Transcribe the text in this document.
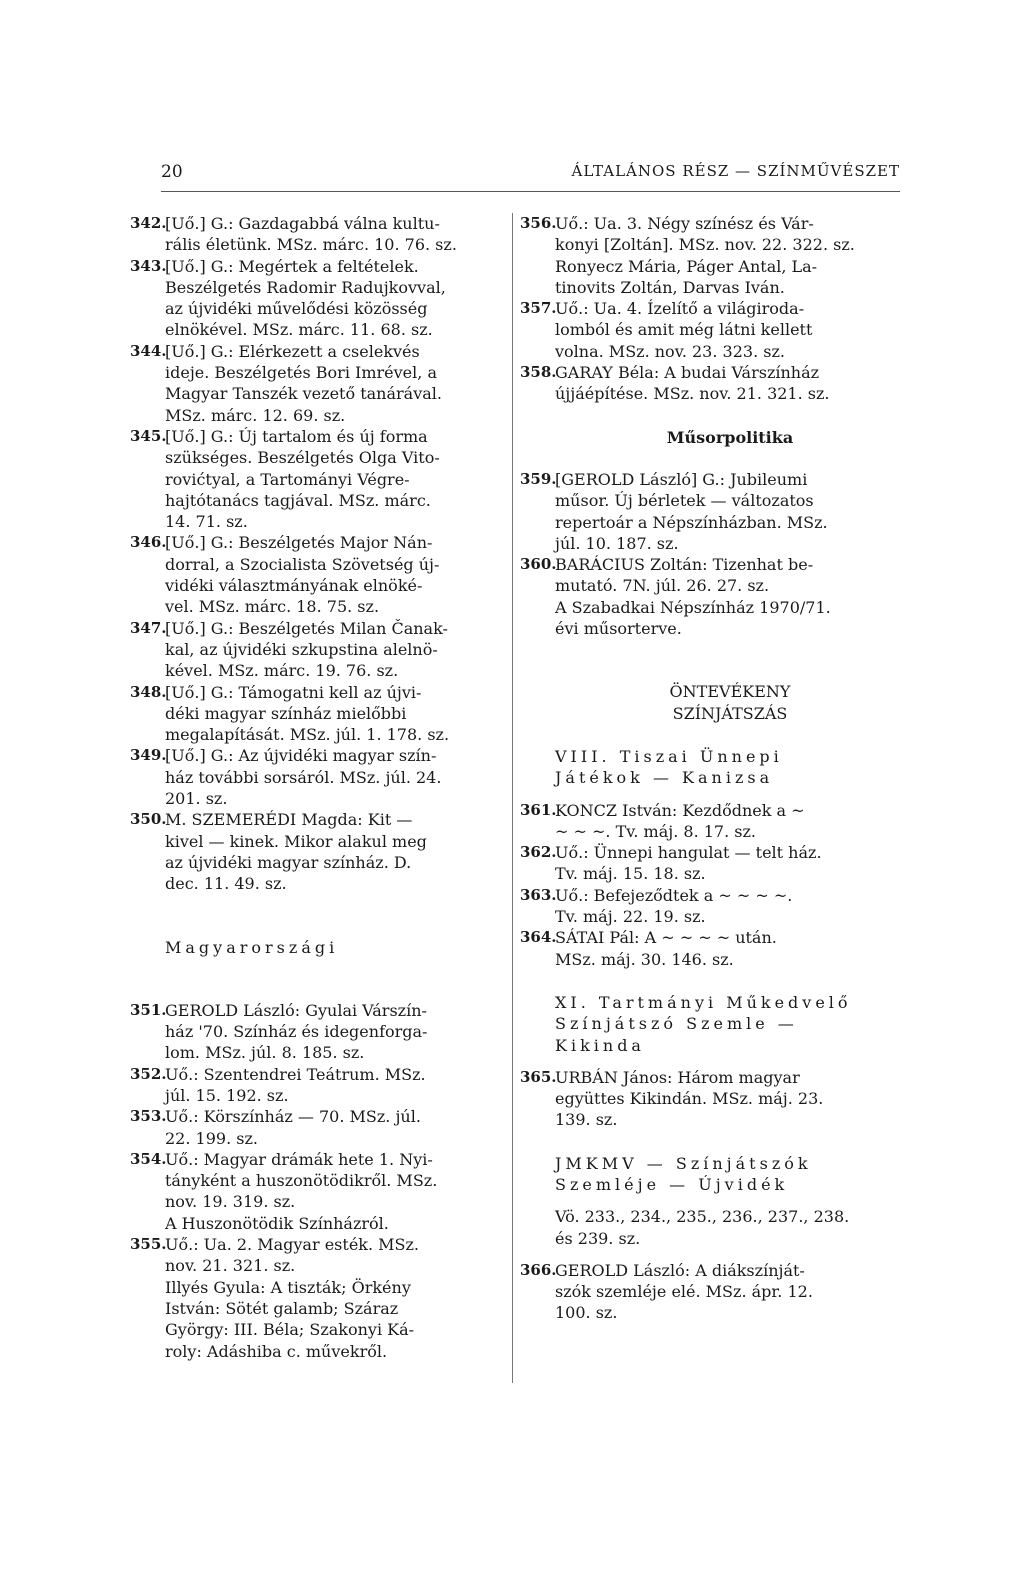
20	ÁLTALÁNOS RÉSZ — SZÍNMŰVÉSZET
342.
[Uő.] G.: Gazdagabbá válna kultu-
rális életünk. MSz. márc. 10. 76. sz.
343.
[Uő.] G.: Megértek a feltételek.
Beszélgetés Radomir Radujkovval,
az újvidéki művelődési közösség
elnökével. MSz. márc. 11. 68. sz.
344.
[Uő.] G.: Elérkezett a cselekvés
ideje. Beszélgetés Bori Imrével, a
Magyar Tanszék vezető tanárával.
MSz. márc. 12. 69. sz.
345.
[Uő.] G.: Új tartalom és új forma
szükséges. Beszélgetés Olga Vito-
rovićtyal, a Tartományi Végre-
hajtótanács tagjával. MSz. márc.
14. 71. sz.
346.
[Uő.] G.: Beszélgetés Major Nán-
dorral, a Szocialista Szövetség új-
vidéki választmányának elnöké-
vel. MSz. márc. 18. 75. sz.
347.
[Uő.] G.: Beszélgetés Milan Čanak-
kal, az újvidéki szkupstina alelnö-
kével. MSz. márc. 19. 76. sz.
348.
[Uő.] G.: Támogatni kell az újvi-
déki magyar színház mielőbbi
megalapítását. MSz. júl. 1. 178. sz.
349.
[Uő.] G.: Az újvidéki magyar szín-
ház további sorsáról. MSz. júl. 24.
201. sz.
350.
M. SZEMERÉDI Magda: Kit —
kivel — kinek. Mikor alakul meg
az újvidéki magyar színház. D.
dec. 11. 49. sz.
Magyarországi
351.
GEROLD László: Gyulai Várszín-
ház '70. Színház és idegenforga-
lom. MSz. júl. 8. 185. sz.
352.
Uő.: Szentendrei Teátrum. MSz.
júl. 15. 192. sz.
353.
Uő.: Körszínház — 70. MSz. júl.
22. 199. sz.
354.
Uő.: Magyar drámák hete 1. Nyi-
tányként a huszonötödikről. MSz.
nov. 19. 319. sz.
A Huszonötödik Színházról.
355.
Uő.: Ua. 2. Magyar esték. MSz.
nov. 21. 321. sz.
Illyés Gyula: A tiszták; Örkény
István: Sötét galamb; Száraz
György: III. Béla; Szakonyi Ká-
roly: Adáshiba c. művekről.
356.
Uő.: Ua. 3. Négy színész és Vár-
konyi [Zoltán]. MSz. nov. 22. 322. sz.
Ronyecz Mária, Páger Antal, La-
tinovits Zoltán, Darvas Iván.
357.
Uő.: Ua. 4. Ízelítő a világiroda-
lomból és amit még látni kellett
volna. MSz. nov. 23. 323. sz.
358.
GARAY Béla: A budai Várszínház
újjáépítése. MSz. nov. 21. 321. sz.
Műsorpolitika
359.
[GEROLD László] G.: Jubileumi
műsor. Új bérletek — változatos
repertoár a Népszínházban. MSz.
júl. 10. 187. sz.
360.
BARÁCIUS Zoltán: Tizenhat be-
mutató. 7N. júl. 26. 27. sz.
A Szabadkai Népszínház 1970/71.
évi műsorterve.
ÖNTEVÉKENY
SZÍNJÁTSZÁS
VIII. Tiszai Ünnepi
Játékok — Kanizsa
361.
KONCZ István: Kezdődnek a ~
~ ~ ~. Tv. máj. 8. 17. sz.
362.
Uő.: Ünnepi hangulat — telt ház.
Tv. máj. 15. 18. sz.
363.
Uő.: Befejeződtek a ~ ~ ~ ~.
Tv. máj. 22. 19. sz.
364.
SÁTAI Pál: A ~ ~ ~ ~ után.
MSz. máj. 30. 146. sz.
XI. Tartmányi Műkedvelő
Színjátszó Szemle —
Kikinda
365.
URBÁN János: Három magyar
együttes Kikindán. MSz. máj. 23.
139. sz.
JMKMV — Színjátszók
Szemléje — Újvidék
Vö. 233., 234., 235., 236., 237., 238.
és 239. sz.
366.
GEROLD László: A diákszínját-
szók szemléje elé. MSz. ápr. 12.
100. sz.
